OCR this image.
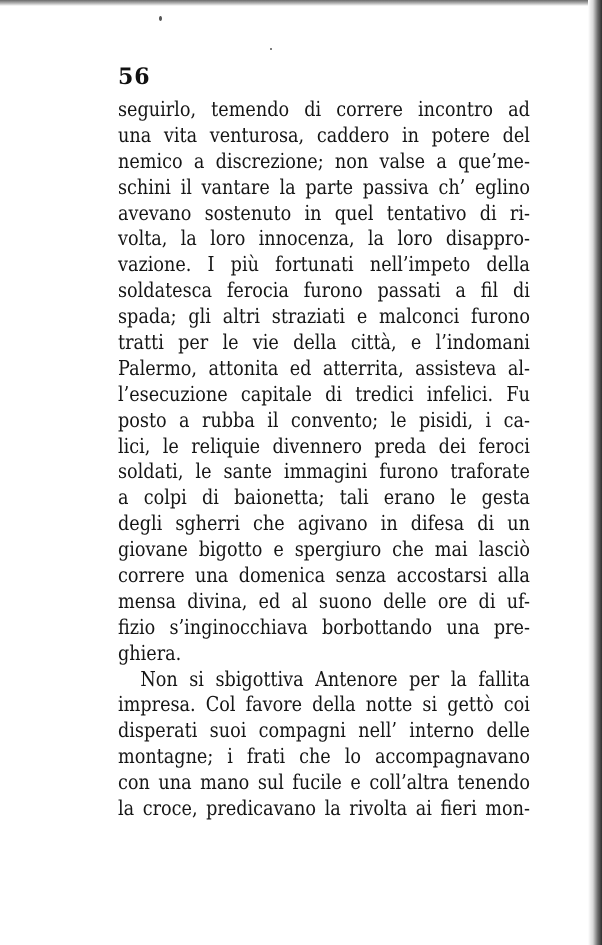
56
seguirlo, temendo di correre incontro ad
una vita venturosa, caddero in potere del
nemico a discrezione; non valse a que’me-
schini il vantare la parte passiva ch’ eglino
avevano sostenuto in quel tentativo di ri-
volta, la loro innocenza, la loro disappro-
vazione. I più fortunati nell’impeto della
soldatesca ferocia furono passati a fil di
spada; gli altri straziati e malconci furono
tratti per le vie della città, e l’indomani
Palermo, attonita ed atterrita, assisteva al-
l’esecuzione capitale di tredici infelici. Fu
posto a rubba il convento; le pisidi, i ca-
lici, le reliquie divennero preda dei feroci
soldati, le sante immagini furono traforate
a colpi di baionetta; tali erano le gesta
degli sgherri che agivano in difesa di un
giovane bigotto e spergiuro che mai lasciò
correre una domenica senza accostarsi alla
mensa divina, ed al suono delle ore di uf-
fizio s’inginocchiava borbottando una pre-
ghiera.
Non si sbigottiva Antenore per la fallita
impresa. Col favore della notte si gettò coi
disperati suoi compagni nell’ interno delle
montagne; i frati che lo accompagnavano
con una mano sul fucile e coll’altra tenendo
la croce, predicavano la rivolta ai fieri mon-
